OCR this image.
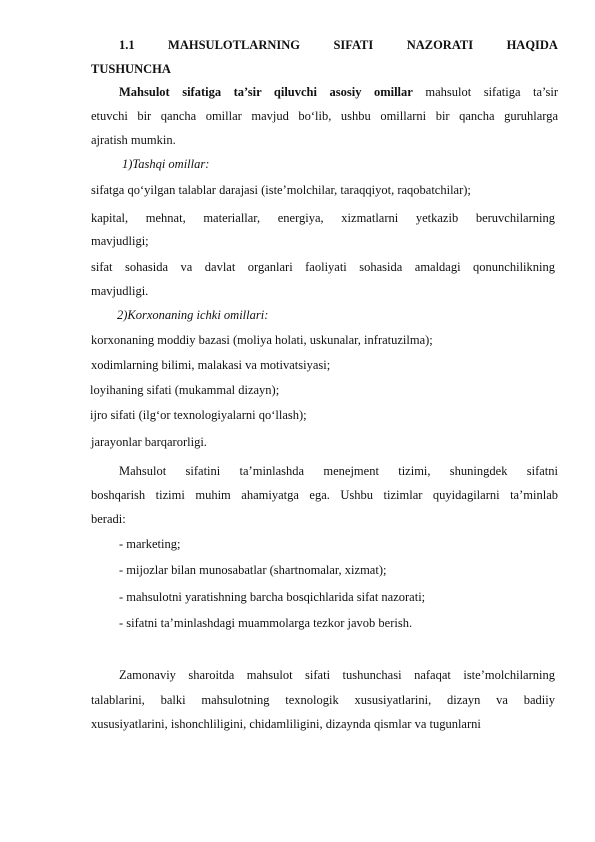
1.1	MAHSULOTLARNING	SIFATI	NAZORATI	HAQIDA
TUSHUNCHA
Mahsulot sifatiga ta’sir qiluvchi asosiy omillar mahsulot sifatiga ta’sir
etuvchi bir qancha omillar mavjud bo‘lib, ushbu omillarni bir qancha guruhlarga
ajratish mumkin.
1)Tashqi omillar:
sifatga qo‘yilgan talablar darajasi (iste’molchilar, taraqqiyot, raqobatchilar);
kapital, mehnat, materiallar, energiya, xizmatlarni yetkazib beruvchilarning
mavjudligi;
sifat sohasida va davlat organlari faoliyati sohasida amaldagi qonunchilikning
mavjudligi.
2)Korxonaning ichki omillari:
korxonaning moddiy bazasi (moliya holati, uskunalar, infratuzilma);
xodimlarning bilimi, malakasi va motivatsiyasi;
loyihaning sifati (mukammal dizayn);
ijro sifati (ilg‘or texnologiyalarni qo‘llash);
jarayonlar barqarorligi.
Mahsulot sifatini ta’minlashda menejment tizimi, shuningdek sifatni
boshqarish tizimi muhim ahamiyatga ega. Ushbu tizimlar quyidagilarni ta’minlab
beradi:
- marketing;
- mijozlar bilan munosabatlar (shartnomalar, xizmat);
- mahsulotni yaratishning barcha bosqichlarida sifat nazorati;
- sifatni ta’minlashdagi muammolarga tezkor javob berish.
Zamonaviy sharoitda mahsulot sifati tushunchasi nafaqat iste’molchilarning
talablarini, balki mahsulotning texnologik xususiyatlarini, dizayn va badiiy
xususiyatlarini, ishonchliligini, chidamliligini, dizaynda qismlar va tugunlarni
